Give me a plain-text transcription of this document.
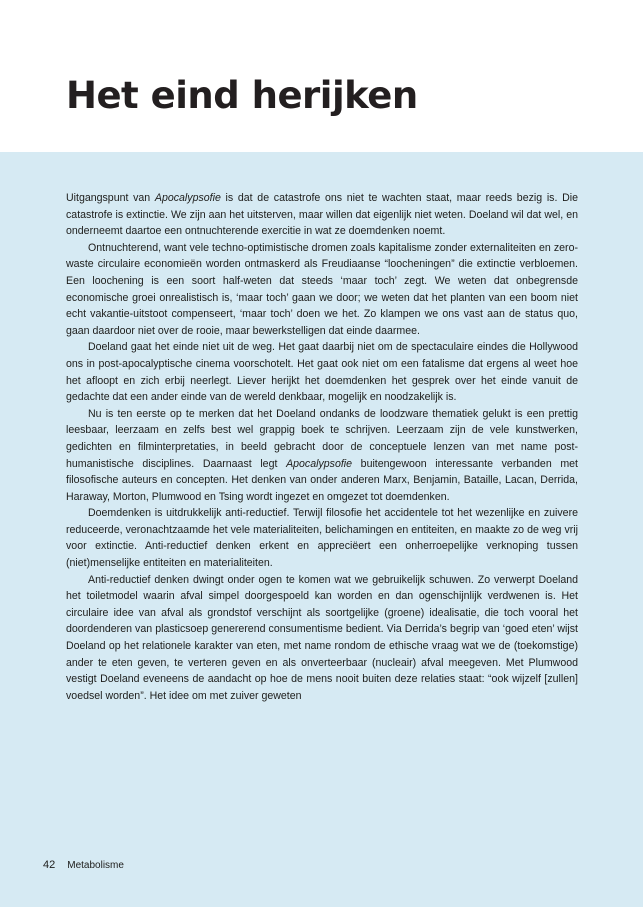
Het eind herijken

Uitgangspunt van Apocalypsofie is dat de catastrofe ons niet te wachten staat, maar reeds bezig is. Die catastrofe is extinctie. We zijn aan het uitsterven, maar willen dat eigenlijk niet weten. Doeland wil dat wel, en onderneemt daartoe een ontnuchterende exercitie in wat ze doemdenken noemt.

Ontnuchterend, want vele techno-optimistische dromen zoals kapitalisme zonder externaliteiten en zero-waste circulaire economieën worden ontmaskerd als Freudiaanse “loocheningen” die extinctie verbloemen. Een loochening is een soort half-weten dat steeds ‘maar toch’ zegt. We weten dat onbegrensde economische groei onrealistisch is, ‘maar toch’ gaan we door; we weten dat het planten van een boom niet echt vakantie-uitstoot compenseert, ‘maar toch’ doen we het. Zo klampen we ons vast aan de status quo, gaan daardoor niet over de rooie, maar bewerkstelligen dat einde daarmee.

Doeland gaat het einde niet uit de weg. Het gaat daarbij niet om de spectaculaire eindes die Hollywood ons in post-apocalyptische cinema voorschotelt. Het gaat ook niet om een fatalisme dat ergens al weet hoe het afloopt en zich erbij neerlegt. Liever herijkt het doemdenken het gesprek over het einde vanuit de gedachte dat een ander einde van de wereld denkbaar, mogelijk en noodzakelijk is.

Nu is ten eerste op te merken dat het Doeland ondanks de loodzware thematiek gelukt is een prettig leesbaar, leerzaam en zelfs best wel grappig boek te schrijven. Leerzaam zijn de vele kunstwerken, gedichten en filminterpretaties, in beeld gebracht door de conceptuele lenzen van met name post-humanistische disciplines. Daarnaast legt Apocalypsofie buitengewoon interessante verbanden met filosofische auteurs en concepten. Het denken van onder anderen Marx, Benjamin, Bataille, Lacan, Derrida, Haraway, Morton, Plumwood en Tsing wordt ingezet en omgezet tot doemdenken.

Doemdenken is uitdrukkelijk anti-reductief. Terwijl filosofie het accidentele tot het wezenlijke en zuivere reduceerde, veronachtzaamde het vele materialiteiten, belichamingen en entiteiten, en maakte zo de weg vrij voor extinctie. Anti-reductief denken erkent en appreciëert een onherroepelijke verknoping tussen (niet)menselijke entiteiten en materialiteiten.

Anti-reductief denken dwingt onder ogen te komen wat we gebruikelijk schuwen. Zo verwerpt Doeland het toiletmodel waarin afval simpel doorgespoeld kan worden en dan ogenschijnlijk verdwenen is. Het circulaire idee van afval als grondstof verschijnt als soortgelijke (groene) idealisatie, die toch vooral het doordenderen van plasticsoep genererend consumentisme bedient. Via Derrida’s begrip van ‘goed eten’ wijst Doeland op het relationele karakter van eten, met name rondom de ethische vraag wat we de (toekomstige) ander te eten geven, te verteren geven en als onverteerbaar (nucleair) afval meegeven. Met Plumwood vestigt Doeland eveneens de aandacht op hoe de mens nooit buiten deze relaties staat: “ook wijzelf [zullen] voedsel worden”. Het idee om met zuiver geweten

42 Metabolisme
